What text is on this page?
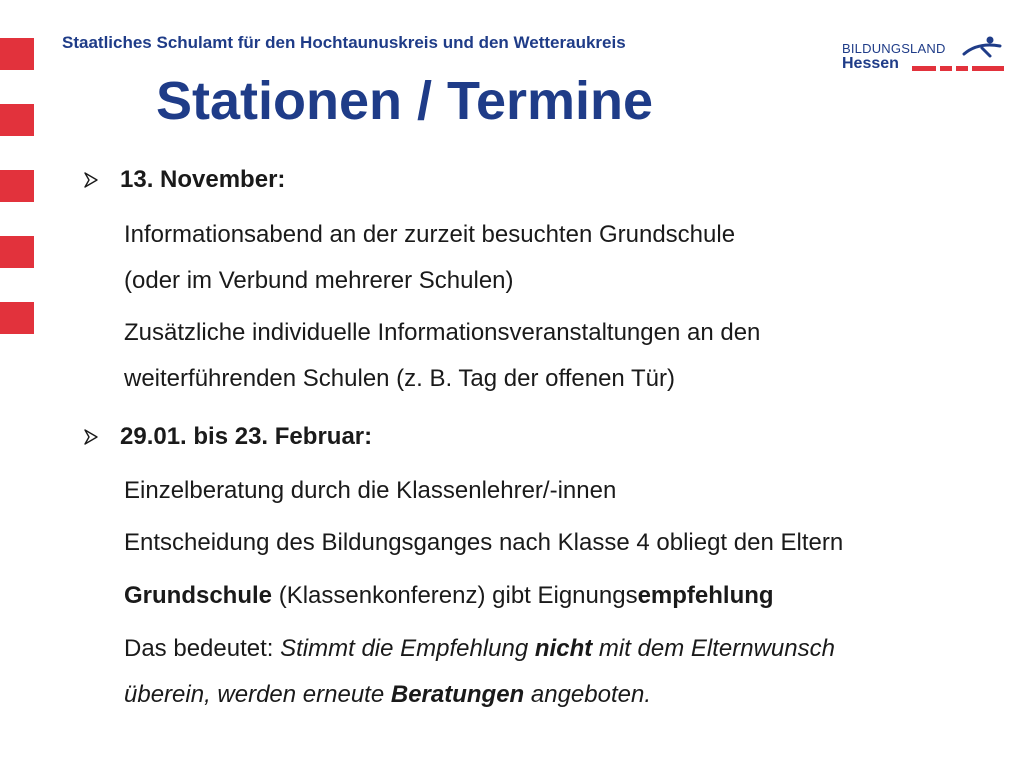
Staatliches Schulamt für den Hochtaunuskreis und den Wetteraukreis	BILDUNGSLAND
Hessen
Stationen / Termine
13. November:
Informationsabend an der zurzeit besuchten Grundschule
(oder im Verbund mehrerer Schulen)
Zusätzliche individuelle Informationsveranstaltungen an den
weiterführenden Schulen (z. B. Tag der offenen Tür)
29.01. bis 23. Februar:
Einzelberatung durch die Klassenlehrer/-innen
Entscheidung des Bildungsganges nach Klasse 4 obliegt den Eltern
Grundschule (Klassenkonferenz) gibt Eignungsempfehlung
Das bedeutet: Stimmt die Empfehlung nicht mit dem Elternwunsch
überein, werden erneute Beratungen angeboten.
